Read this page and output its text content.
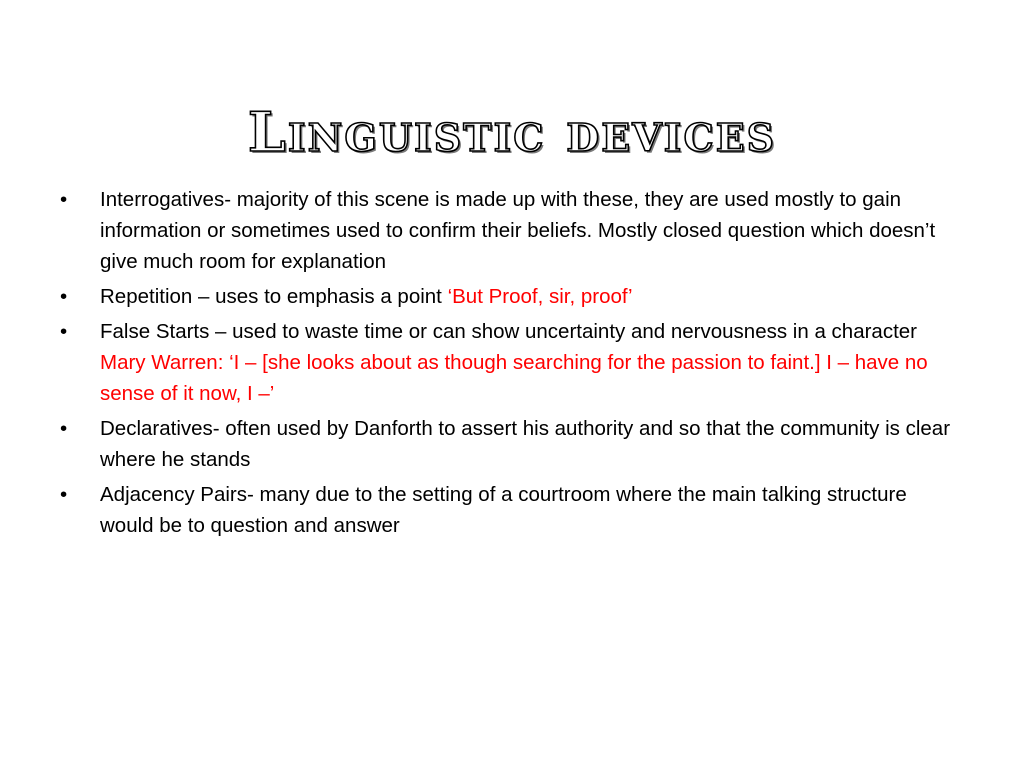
Linguistic devices
•	Interrogatives- majority of this scene is made up with these, they are used mostly to gain information or sometimes used to confirm their beliefs. Mostly closed question which doesn’t give much room for explanation
•	Repetition – uses to emphasis a point ‘But Proof, sir, proof’
•	False Starts – used to waste time or can show uncertainty and nervousness in a character Mary Warren: ‘I – [she looks about as though searching for the passion to faint.] I – have no sense of it now, I –’
•	Declaratives- often used by Danforth to assert his authority and so that the community is clear where he stands
•	Adjacency Pairs- many due to the setting of a courtroom where the main talking structure would be to question and answer
